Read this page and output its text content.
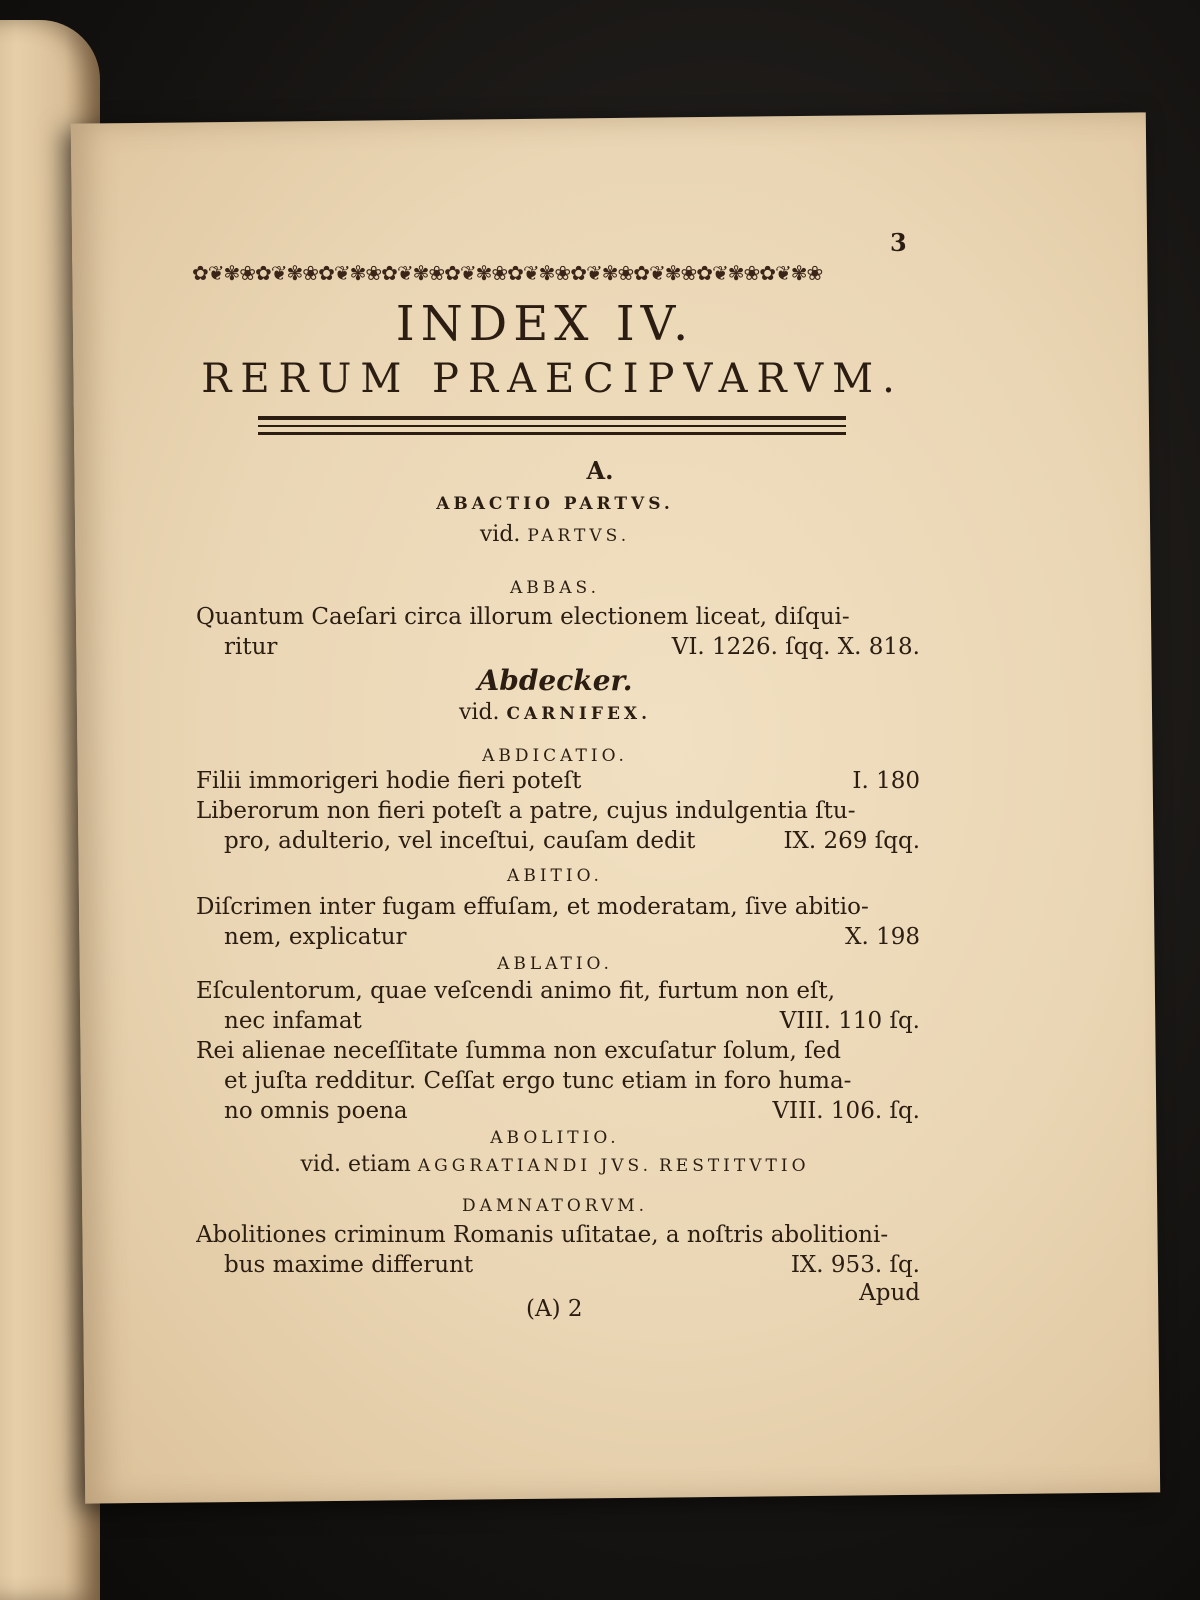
3
✿❦✾❀✿❦✾❀✿❦✾❀✿❦✾❀✿❦✾❀✿❦✾❀✿❦✾❀✿❦✾❀✿❦✾❀✿❦✾❀
INDEX IV.
RERUM PRAECIPVARVM.
A.
ABACTIO PARTVS.
vid. PARTVS.
ABBAS.
Quantum Caeſari circa illorum electionem liceat, diſqui-
ritur	VI. 1226. ſqq. X. 818.
Abdecker.
vid. CARNIFEX.
ABDICATIO.
Filii immorigeri hodie fieri poteſt	I. 180
Liberorum non fieri poteſt a patre, cujus indulgentia ſtu-
pro, adulterio, vel inceſtui, cauſam dedit	IX. 269 ſqq.
ABITIO.
Diſcrimen inter fugam effuſam, et moderatam, ſive abitio-
nem, explicatur	X. 198
ABLATIO.
Eſculentorum, quae veſcendi animo fit, furtum non eſt,
nec infamat	VIII. 110 ſq.
Rei alienae neceſſitate ſumma non excuſatur ſolum, ſed
et juſta redditur. Ceſſat ergo tunc etiam in foro huma-
no omnis poena	VIII. 106. ſq.
ABOLITIO.
vid. etiam AGGRATIANDI JVS. RESTITVTIO
DAMNATORVM.
Abolitiones criminum Romanis uſitatae, a noſtris abolitioni-
bus maxime differunt	IX. 953. ſq.
(A) 2
Apud
